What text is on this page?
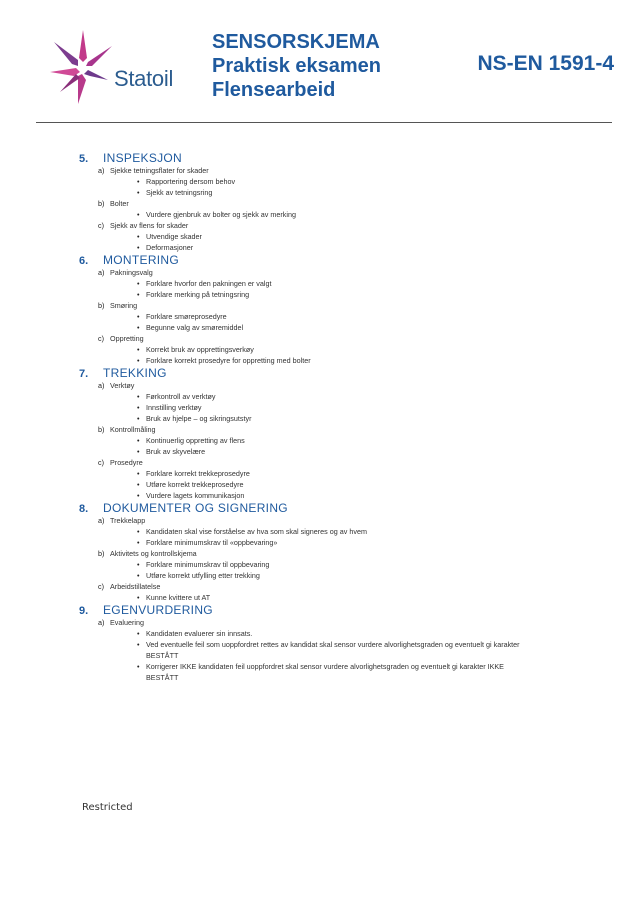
Statoil
SENSORSKJEMA
Praktisk eksamen
Flensearbeid
NS-EN 1591-4
5.	INSPEKSJON
a) Sjekke tetningsflater for skader
• Rapportering dersom behov
• Sjekk av tetningsring
b) Bolter
• Vurdere gjenbruk av bolter og sjekk av merking
c) Sjekk av flens for skader
• Utvendige skader
• Deformasjoner
6.	MONTERING
a) Pakningsvalg
• Forklare hvorfor den pakningen er valgt
• Forklare merking på tetningsring
b) Smøring
• Forklare smøreprosedyre
• Begunne valg av smøremiddel
c) Oppretting
• Korrekt bruk av opprettingsverkøy
• Forklare korrekt prosedyre for oppretting med bolter
7.	TREKKING
a) Verktøy
• Førkontroll av verktøy
• Innstilling verktøy
• Bruk av hjelpe – og sikringsutstyr
b) Kontrollmåling
• Kontinuerlig oppretting av flens
• Bruk av skyvelære
c) Prosedyre
• Forklare korrekt trekkeprosedyre
• Utføre korrekt trekkeprosedyre
• Vurdere lagets kommunikasjon
8.	DOKUMENTER OG SIGNERING
a) Trekkelapp
• Kandidaten skal vise forståelse av hva som skal signeres og av hvem
• Forklare minimumskrav til «oppbevaring»
b) Aktivitets og kontrollskjema
• Forklare minimumskrav til oppbevaring
• Utføre korrekt utfylling etter trekking
c) Arbeidstillatelse
• Kunne kvittere ut AT
9.	EGENVURDERING
a) Evaluering
• Kandidaten evaluerer sin innsats.
• Ved eventuelle feil som uoppfordret rettes av kandidat skal sensor vurdere alvorlighetsgraden og eventuelt gi karakter BESTÅTT
• Korrigerer IKKE kandidaten feil uoppfordret skal sensor vurdere alvorlighetsgraden og eventuelt gi karakter IKKE BESTÅTT
Restricted
